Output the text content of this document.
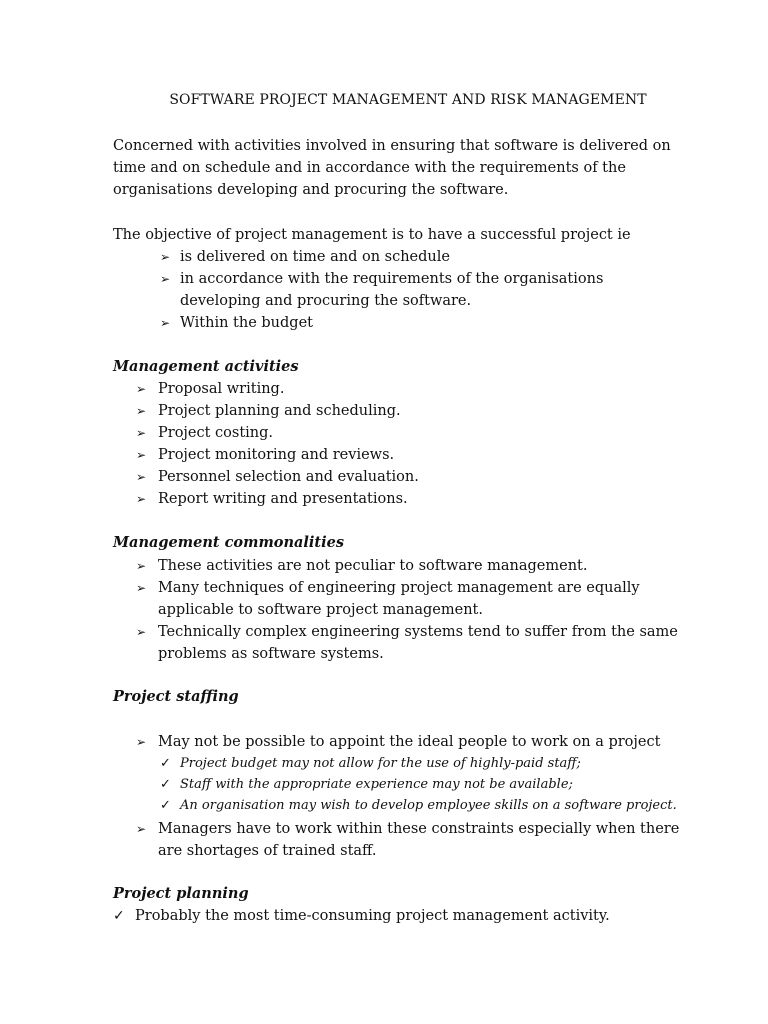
SOFTWARE PROJECT MANAGEMENT AND RISK MANAGEMENT

Concerned with activities involved in ensuring that software is delivered on time and on schedule and in accordance with the requirements of the organisations developing and procuring the software.

The objective of project management is to have a successful project ie

➢ is delivered on time and on schedule
➢ in accordance with the requirements of the organisations developing and procuring the software.
➢ Within the budget
Management activities
➢ Proposal writing.
➢ Project planning and scheduling.
➢ Project costing.
➢ Project monitoring and reviews.
➢ Personnel selection and evaluation.
➢ Report writing and presentations.
Management commonalities
➢ These activities are not peculiar to software management.
➢ Many techniques of engineering project management are equally applicable to software project management.
➢ Technically complex engineering systems tend to suffer from the same problems as software systems.
Project staffing
➢ May not be possible to appoint the ideal people to work on a project
✓ Project budget may not allow for the use of highly-paid staff;
✓ Staff with the appropriate experience may not be available;
✓ An organisation may wish to develop employee skills on a software project.
➢ Managers have to work within these constraints especially when there are shortages of trained staff.
Project planning
✓ Probably the most time-consuming project management activity.
